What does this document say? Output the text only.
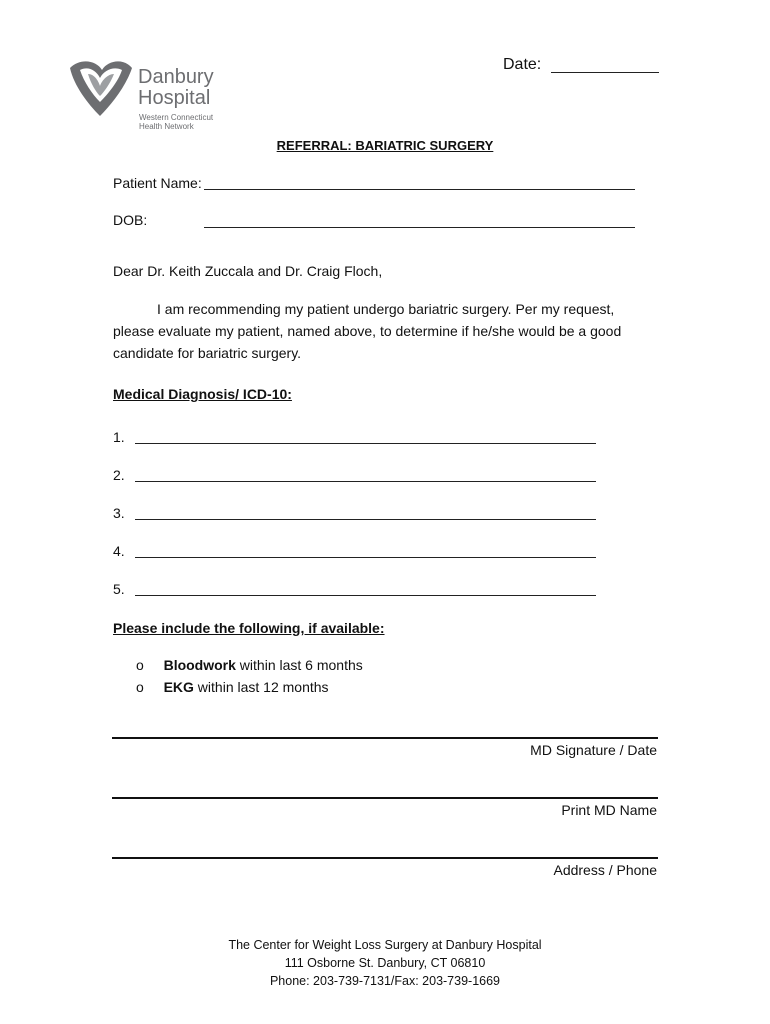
Danbury
Hospital
Western Connecticut
Health Network
Date:
REFERRAL: BARIATRIC SURGERY
Patient Name:
DOB:
Dear Dr. Keith Zuccala and Dr. Craig Floch,
I am recommending my patient undergo bariatric surgery. Per my request,
please evaluate my patient, named above, to determine if he/she would be a good
candidate for bariatric surgery.
Medical Diagnosis/ ICD-10:
1.
2.
3.
4.
5.
Please include the following, if available:
o Bloodwork within last 6 months
o EKG within last 12 months
MD Signature / Date
Print MD Name
Address / Phone
The Center for Weight Loss Surgery at Danbury Hospital
111 Osborne St. Danbury, CT 06810
Phone: 203-739-7131/Fax: 203-739-1669
